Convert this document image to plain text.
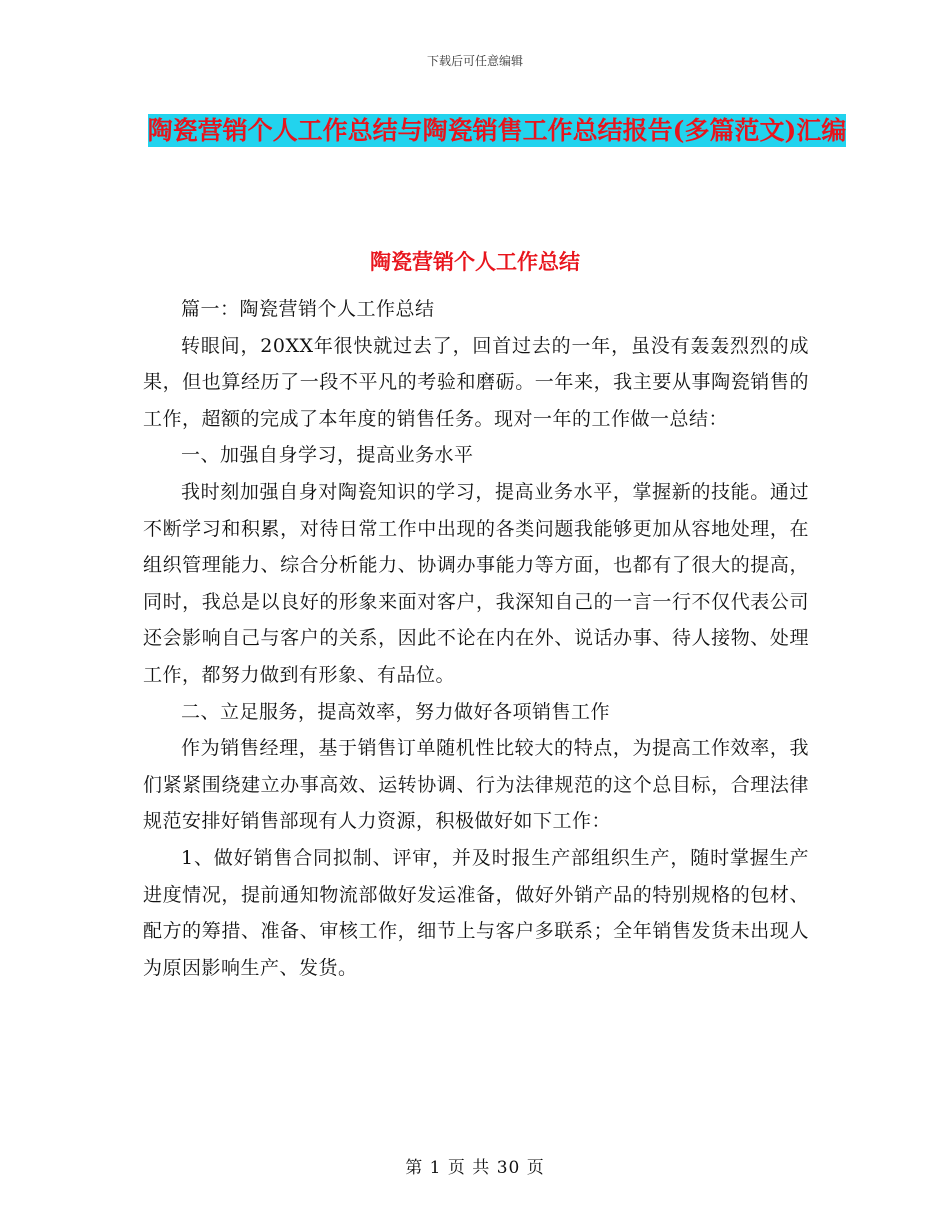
下载后可任意编辑
陶瓷营销个人工作总结与陶瓷销售工作总结报告(多篇范文)汇编
陶瓷营销个人工作总结

篇一：陶瓷营销个人工作总结

转眼间，20XX年很快就过去了，回首过去的一年，虽没有轰轰烈烈的成果，但也算经历了一段不平凡的考验和磨砺。一年来，我主要从事陶瓷销售的工作，超额的完成了本年度的销售任务。现对一年的工作做一总结：

一、加强自身学习，提高业务水平

我时刻加强自身对陶瓷知识的学习，提高业务水平，掌握新的技能。通过不断学习和积累，对待日常工作中出现的各类问题我能够更加从容地处理，在组织管理能力、综合分析能力、协调办事能力等方面，也都有了很大的提高，同时，我总是以良好的形象来面对客户，我深知自己的一言一行不仅代表公司还会影响自己与客户的关系，因此不论在内在外、说话办事、待人接物、处理工作，都努力做到有形象、有品位。

二、立足服务，提高效率，努力做好各项销售工作

作为销售经理，基于销售订单随机性比较大的特点，为提高工作效率，我们紧紧围绕建立办事高效、运转协调、行为法律规范的这个总目标，合理法律规范安排好销售部现有人力资源，积极做好如下工作：

1、做好销售合同拟制、评审，并及时报生产部组织生产，随时掌握生产进度情况，提前通知物流部做好发运准备，做好外销产品的特别规格的包材、配方的筹措、准备、审核工作，细节上与客户多联系；全年销售发货未出现人为原因影响生产、发货。

第 1 页 共 30 页
